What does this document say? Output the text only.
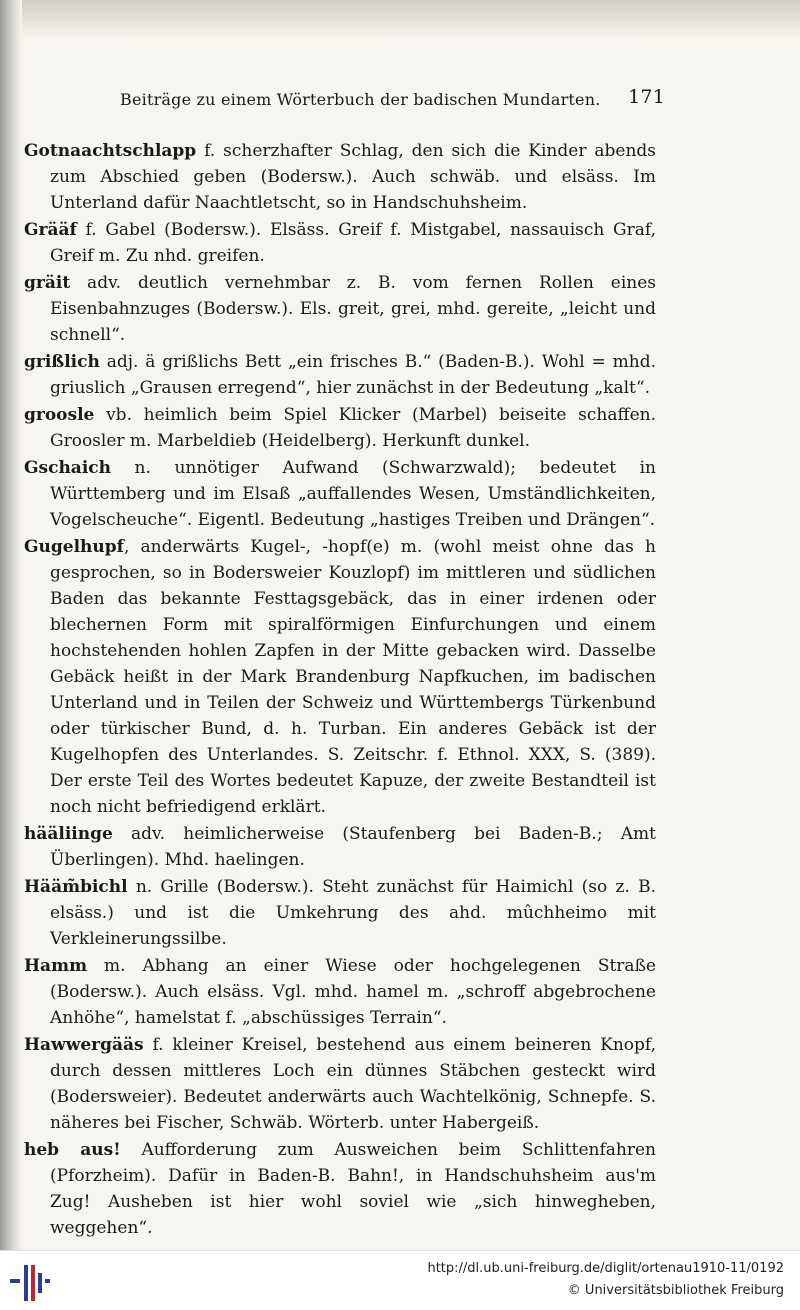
Beiträge zu einem Wörterbuch der badischen Mundarten. 171

Gotnaachtschlapp f. scherzhafter Schlag, den sich die Kinder abends zum Abschied geben (Bodersw.). Auch schwäb. und elsäss. Im Unterland dafür Naachtletscht, so in Handschuhsheim.

Grääf f. Gabel (Bodersw.). Elsäss. Greif f. Mistgabel, nassauisch Graf, Greif m. Zu nhd. greifen.

gräit adv. deutlich vernehmbar z. B. vom fernen Rollen eines Eisenbahnzuges (Bodersw.). Els. greit, grei, mhd. gereite, „leicht und schnell“.

grißlich adj. ä grißlichs Bett „ein frisches B.“ (Baden-B.). Wohl = mhd. griuslich „Grausen erregend“, hier zunächst in der Bedeutung „kalt“.

groosle vb. heimlich beim Spiel Klicker (Marbel) beiseite schaffen. Groosler m. Marbeldieb (Heidelberg). Herkunft dunkel.

Gschaich n. unnötiger Aufwand (Schwarzwald); bedeutet in Württemberg und im Elsaß „auffallendes Wesen, Umständlichkeiten, Vogelscheuche“. Eigentl. Bedeutung „hastiges Treiben und Drängen“.

Gugelhupf, anderwärts Kugel-, -hopf(e) m. (wohl meist ohne das h gesprochen, so in Bodersweier Kouzlopf) im mittleren und südlichen Baden das bekannte Festtagsgebäck, das in einer irdenen oder blechernen Form mit spiralförmigen Einfurchungen und einem hochstehenden hohlen Zapfen in der Mitte gebacken wird. Dasselbe Gebäck heißt in der Mark Brandenburg Napfkuchen, im badischen Unterland und in Teilen der Schweiz und Württembergs Türkenbund oder türkischer Bund, d. h. Turban. Ein anderes Gebäck ist der Kugelhopfen des Unterlandes. S. Zeitschr. f. Ethnol. XXX, S. (389). Der erste Teil des Wortes bedeutet Kapuze, der zweite Bestandteil ist noch nicht befriedigend erklärt.

hääliinge adv. heimlicherweise (Staufenberg bei Baden-B.; Amt Überlingen). Mhd. haelingen.

Hääm̃bichl n. Grille (Bodersw.). Steht zunächst für Haimichl (so z. B. elsäss.) und ist die Umkehrung des ahd. mûchheimo mit Verkleinerungssilbe.

Hamm m. Abhang an einer Wiese oder hochgelegenen Straße (Bodersw.). Auch elsäss. Vgl. mhd. hamel m. „schroff abgebrochene Anhöhe“, hamelstat f. „abschüssiges Terrain“.

Hawwergääs f. kleiner Kreisel, bestehend aus einem beineren Knopf, durch dessen mittleres Loch ein dünnes Stäbchen gesteckt wird (Bodersweier). Bedeutet anderwärts auch Wachtelkönig, Schnepfe. S. näheres bei Fischer, Schwäb. Wörterb. unter Habergeiß.

heb aus! Aufforderung zum Ausweichen beim Schlittenfahren (Pforzheim). Dafür in Baden-B. Bahn!, in Handschuhsheim aus'm Zug! Ausheben ist hier wohl soviel wie „sich hinwegheben, weggehen“.

http://dl.ub.uni-freiburg.de/diglit/ortenau1910-11/0192
© Universitätsbibliothek Freiburg
